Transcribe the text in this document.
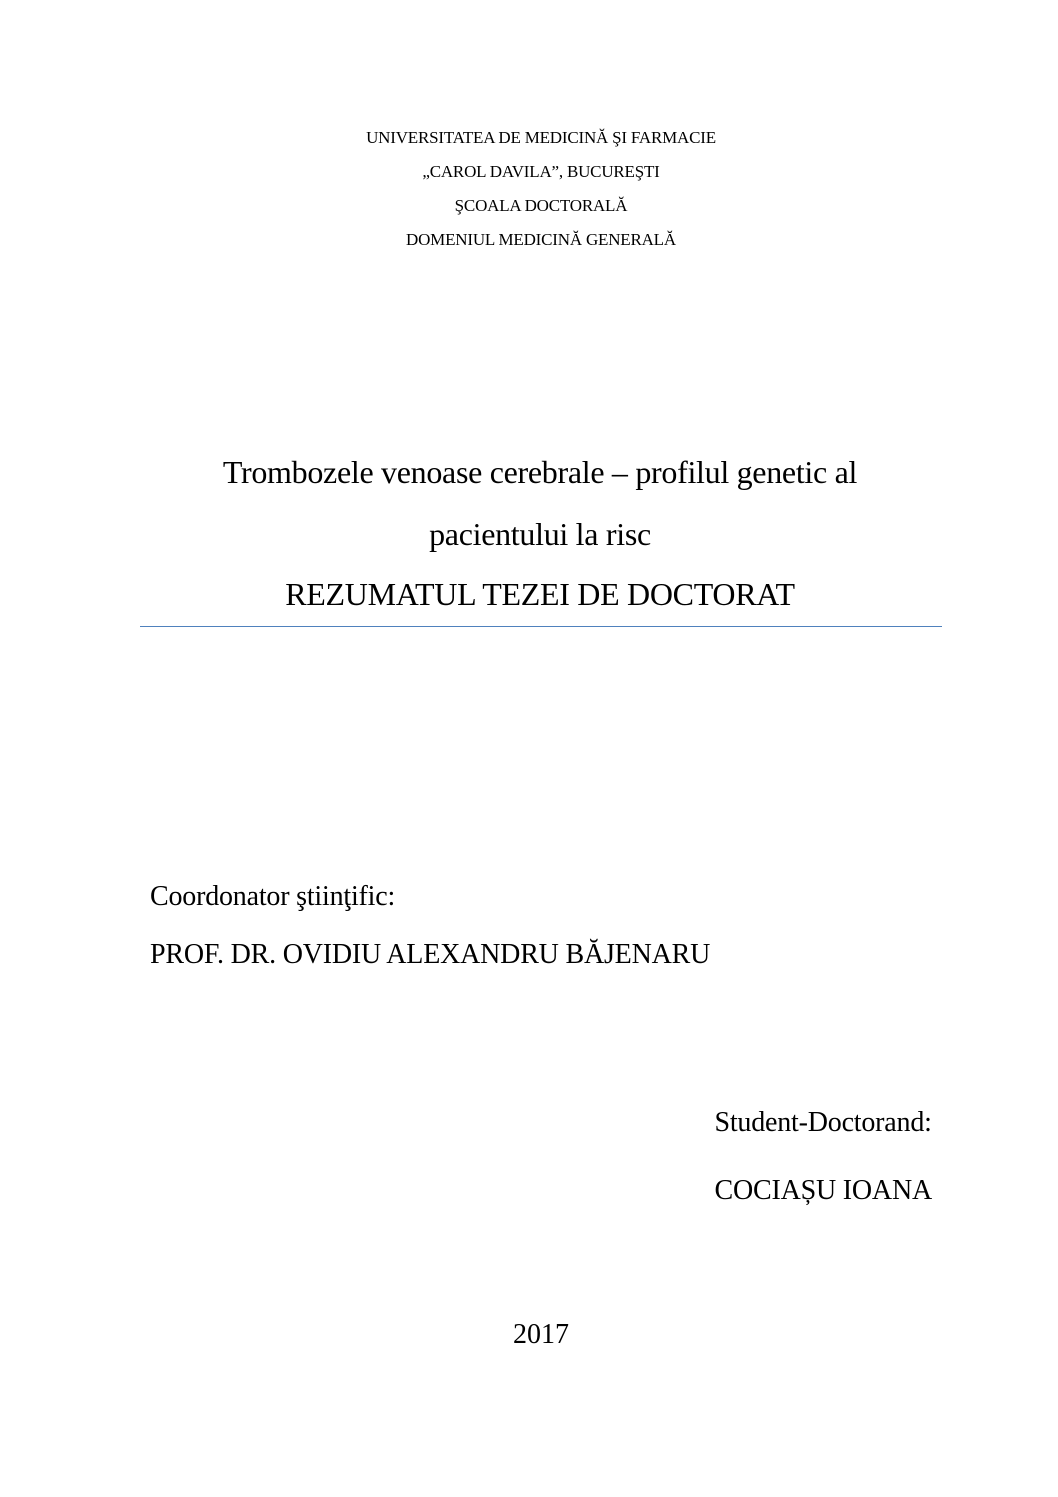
UNIVERSITATEA DE MEDICINĂ ŞI FARMACIE
„CAROL DAVILA”, BUCUREŞTI
ŞCOALA DOCTORALĂ
DOMENIUL MEDICINĂ GENERALĂ
Trombozele venoase cerebrale – profilul genetic al
pacientului la risc
REZUMATUL TEZEI DE DOCTORAT
Coordonator ştiinţific:
PROF. DR. OVIDIU ALEXANDRU BĂJENARU
Student-Doctorand:
COCIAȘU IOANA
2017
